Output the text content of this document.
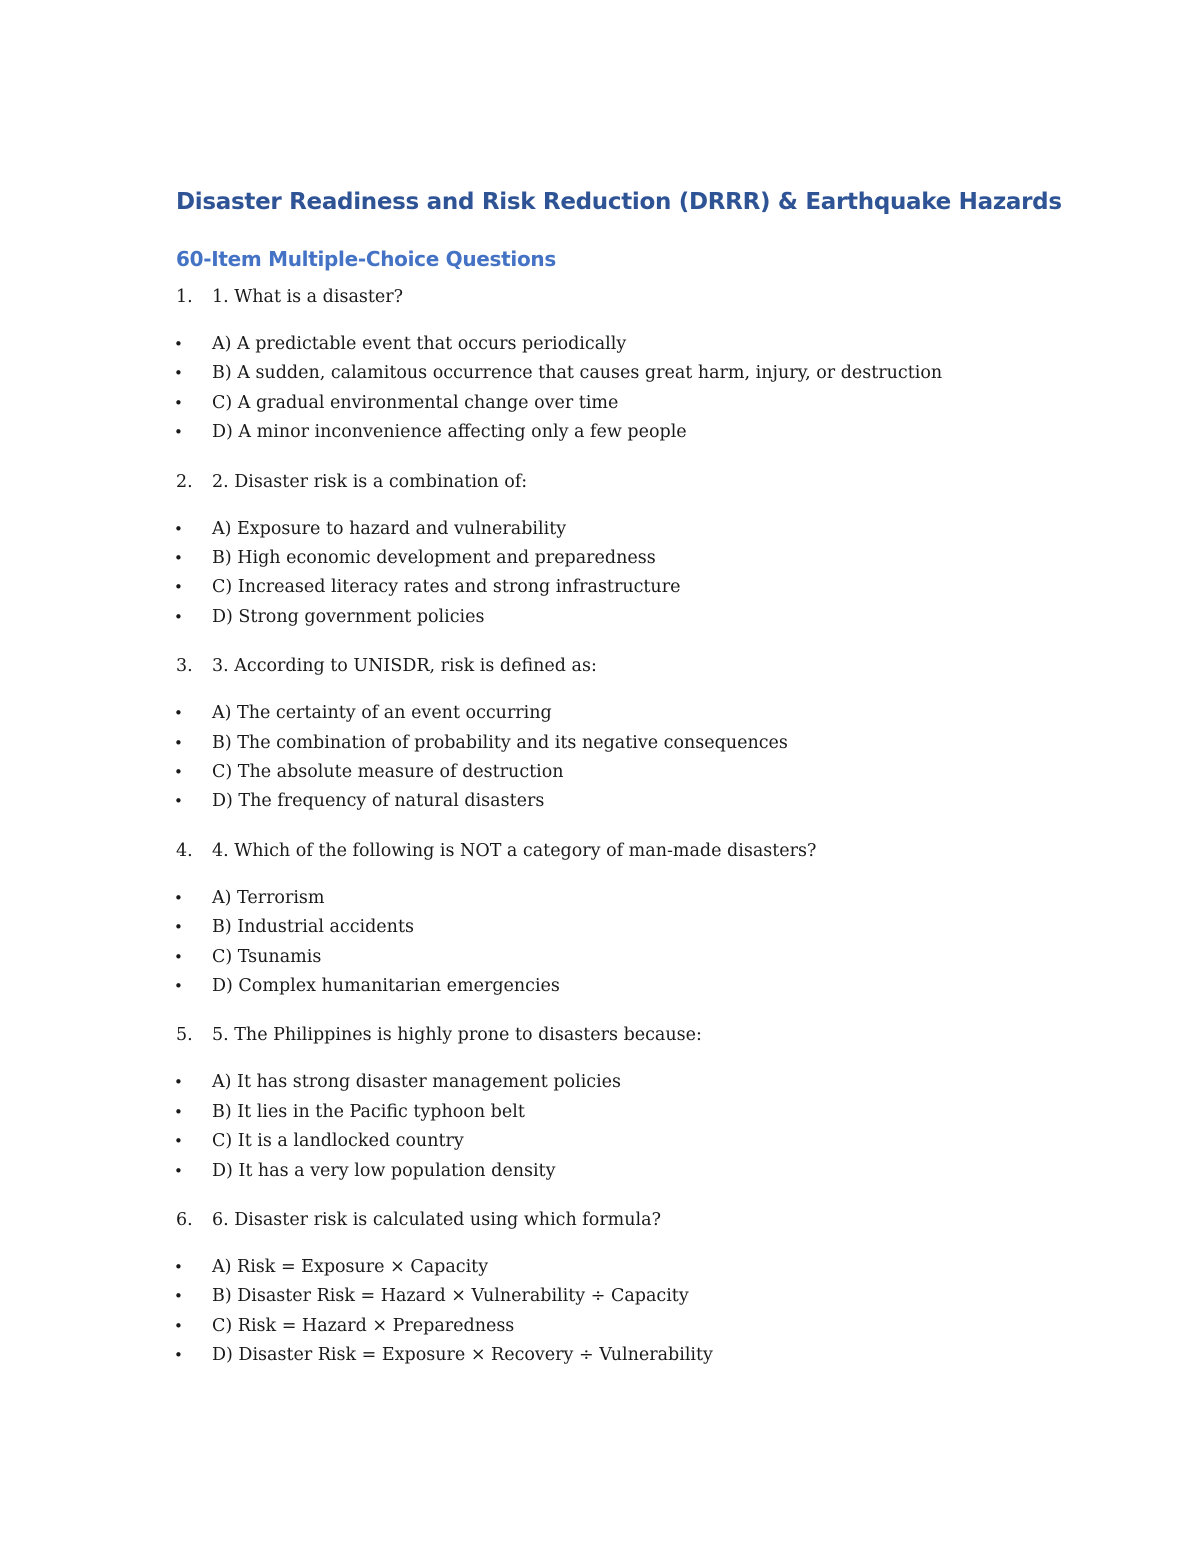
Disaster Readiness and Risk Reduction (DRRR) & Earthquake Hazards
60-Item Multiple-Choice Questions
1. 1. What is a disaster?
• A) A predictable event that occurs periodically
• B) A sudden, calamitous occurrence that causes great harm, injury, or destruction
• C) A gradual environmental change over time
• D) A minor inconvenience affecting only a few people
2. 2. Disaster risk is a combination of:
• A) Exposure to hazard and vulnerability
• B) High economic development and preparedness
• C) Increased literacy rates and strong infrastructure
• D) Strong government policies
3. 3. According to UNISDR, risk is defined as:
• A) The certainty of an event occurring
• B) The combination of probability and its negative consequences
• C) The absolute measure of destruction
• D) The frequency of natural disasters
4. 4. Which of the following is NOT a category of man-made disasters?
• A) Terrorism
• B) Industrial accidents
• C) Tsunamis
• D) Complex humanitarian emergencies
5. 5. The Philippines is highly prone to disasters because:
• A) It has strong disaster management policies
• B) It lies in the Pacific typhoon belt
• C) It is a landlocked country
• D) It has a very low population density
6. 6. Disaster risk is calculated using which formula?
• A) Risk = Exposure × Capacity
• B) Disaster Risk = Hazard × Vulnerability ÷ Capacity
• C) Risk = Hazard × Preparedness
• D) Disaster Risk = Exposure × Recovery ÷ Vulnerability
